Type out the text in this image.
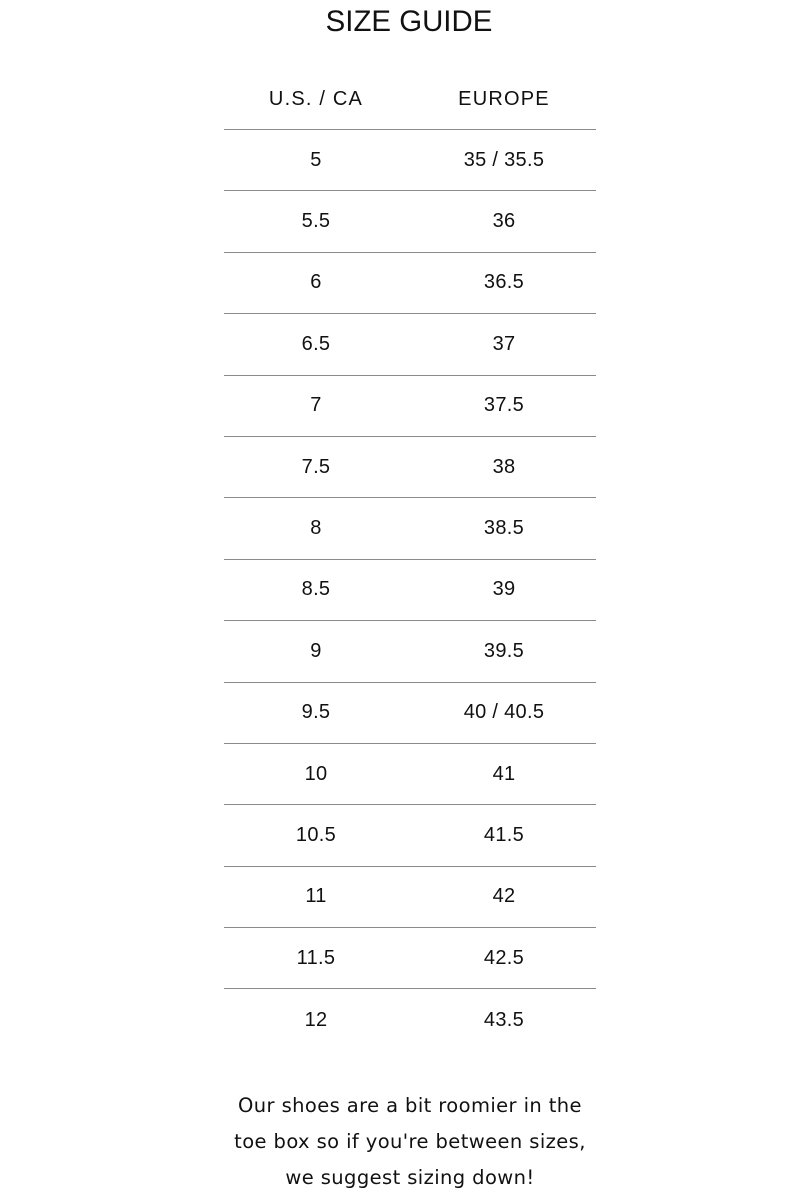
SIZE GUIDE
U.S. / CA	EUROPE
5	35 / 35.5
5.5	36
6	36.5
6.5	37
7	37.5
7.5	38
8	38.5
8.5	39
9	39.5
9.5	40 / 40.5
10	41
10.5	41.5
11	42
11.5	42.5
12	43.5
Our shoes are a bit roomier in the
toe box so if you're between sizes,
we suggest sizing down!
